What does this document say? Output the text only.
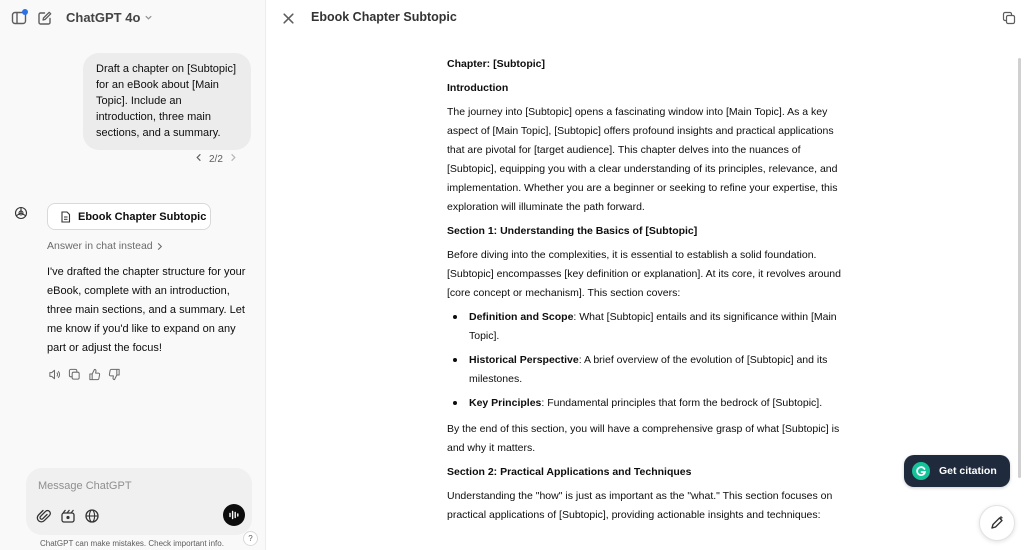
ChatGPT 4o
Draft a chapter on [Subtopic] for an eBook about [Main Topic]. Include an introduction, three main sections, and a summary.
2/2
Ebook Chapter Subtopic
Answer in chat instead
I've drafted the chapter structure for your eBook, complete with an introduction, three main sections, and a summary. Let me know if you'd like to expand on any part or adjust the focus!
Message ChatGPT
ChatGPT can make mistakes. Check important info.
?
Ebook Chapter Subtopic
Chapter: [Subtopic]
Introduction

The journey into [Subtopic] opens a fascinating window into [Main Topic]. As a key aspect of [Main Topic], [Subtopic] offers profound insights and practical applications that are pivotal for [target audience]. This chapter delves into the nuances of [Subtopic], equipping you with a clear understanding of its principles, relevance, and implementation. Whether you are a beginner or seeking to refine your expertise, this exploration will illuminate the path forward.

Section 1: Understanding the Basics of [Subtopic]

Before diving into the complexities, it is essential to establish a solid foundation. [Subtopic] encompasses [key definition or explanation]. At its core, it revolves around [core concept or mechanism]. This section covers:

Definition and Scope: What [Subtopic] entails and its significance within [Main Topic].
Historical Perspective: A brief overview of the evolution of [Subtopic] and its milestones.
Key Principles: Fundamental principles that form the bedrock of [Subtopic].

By the end of this section, you will have a comprehensive grasp of what [Subtopic] is and why it matters.

Section 2: Practical Applications and Techniques

Understanding the "how" is just as important as the "what." This section focuses on practical applications of [Subtopic], providing actionable insights and techniques:

Get citation
